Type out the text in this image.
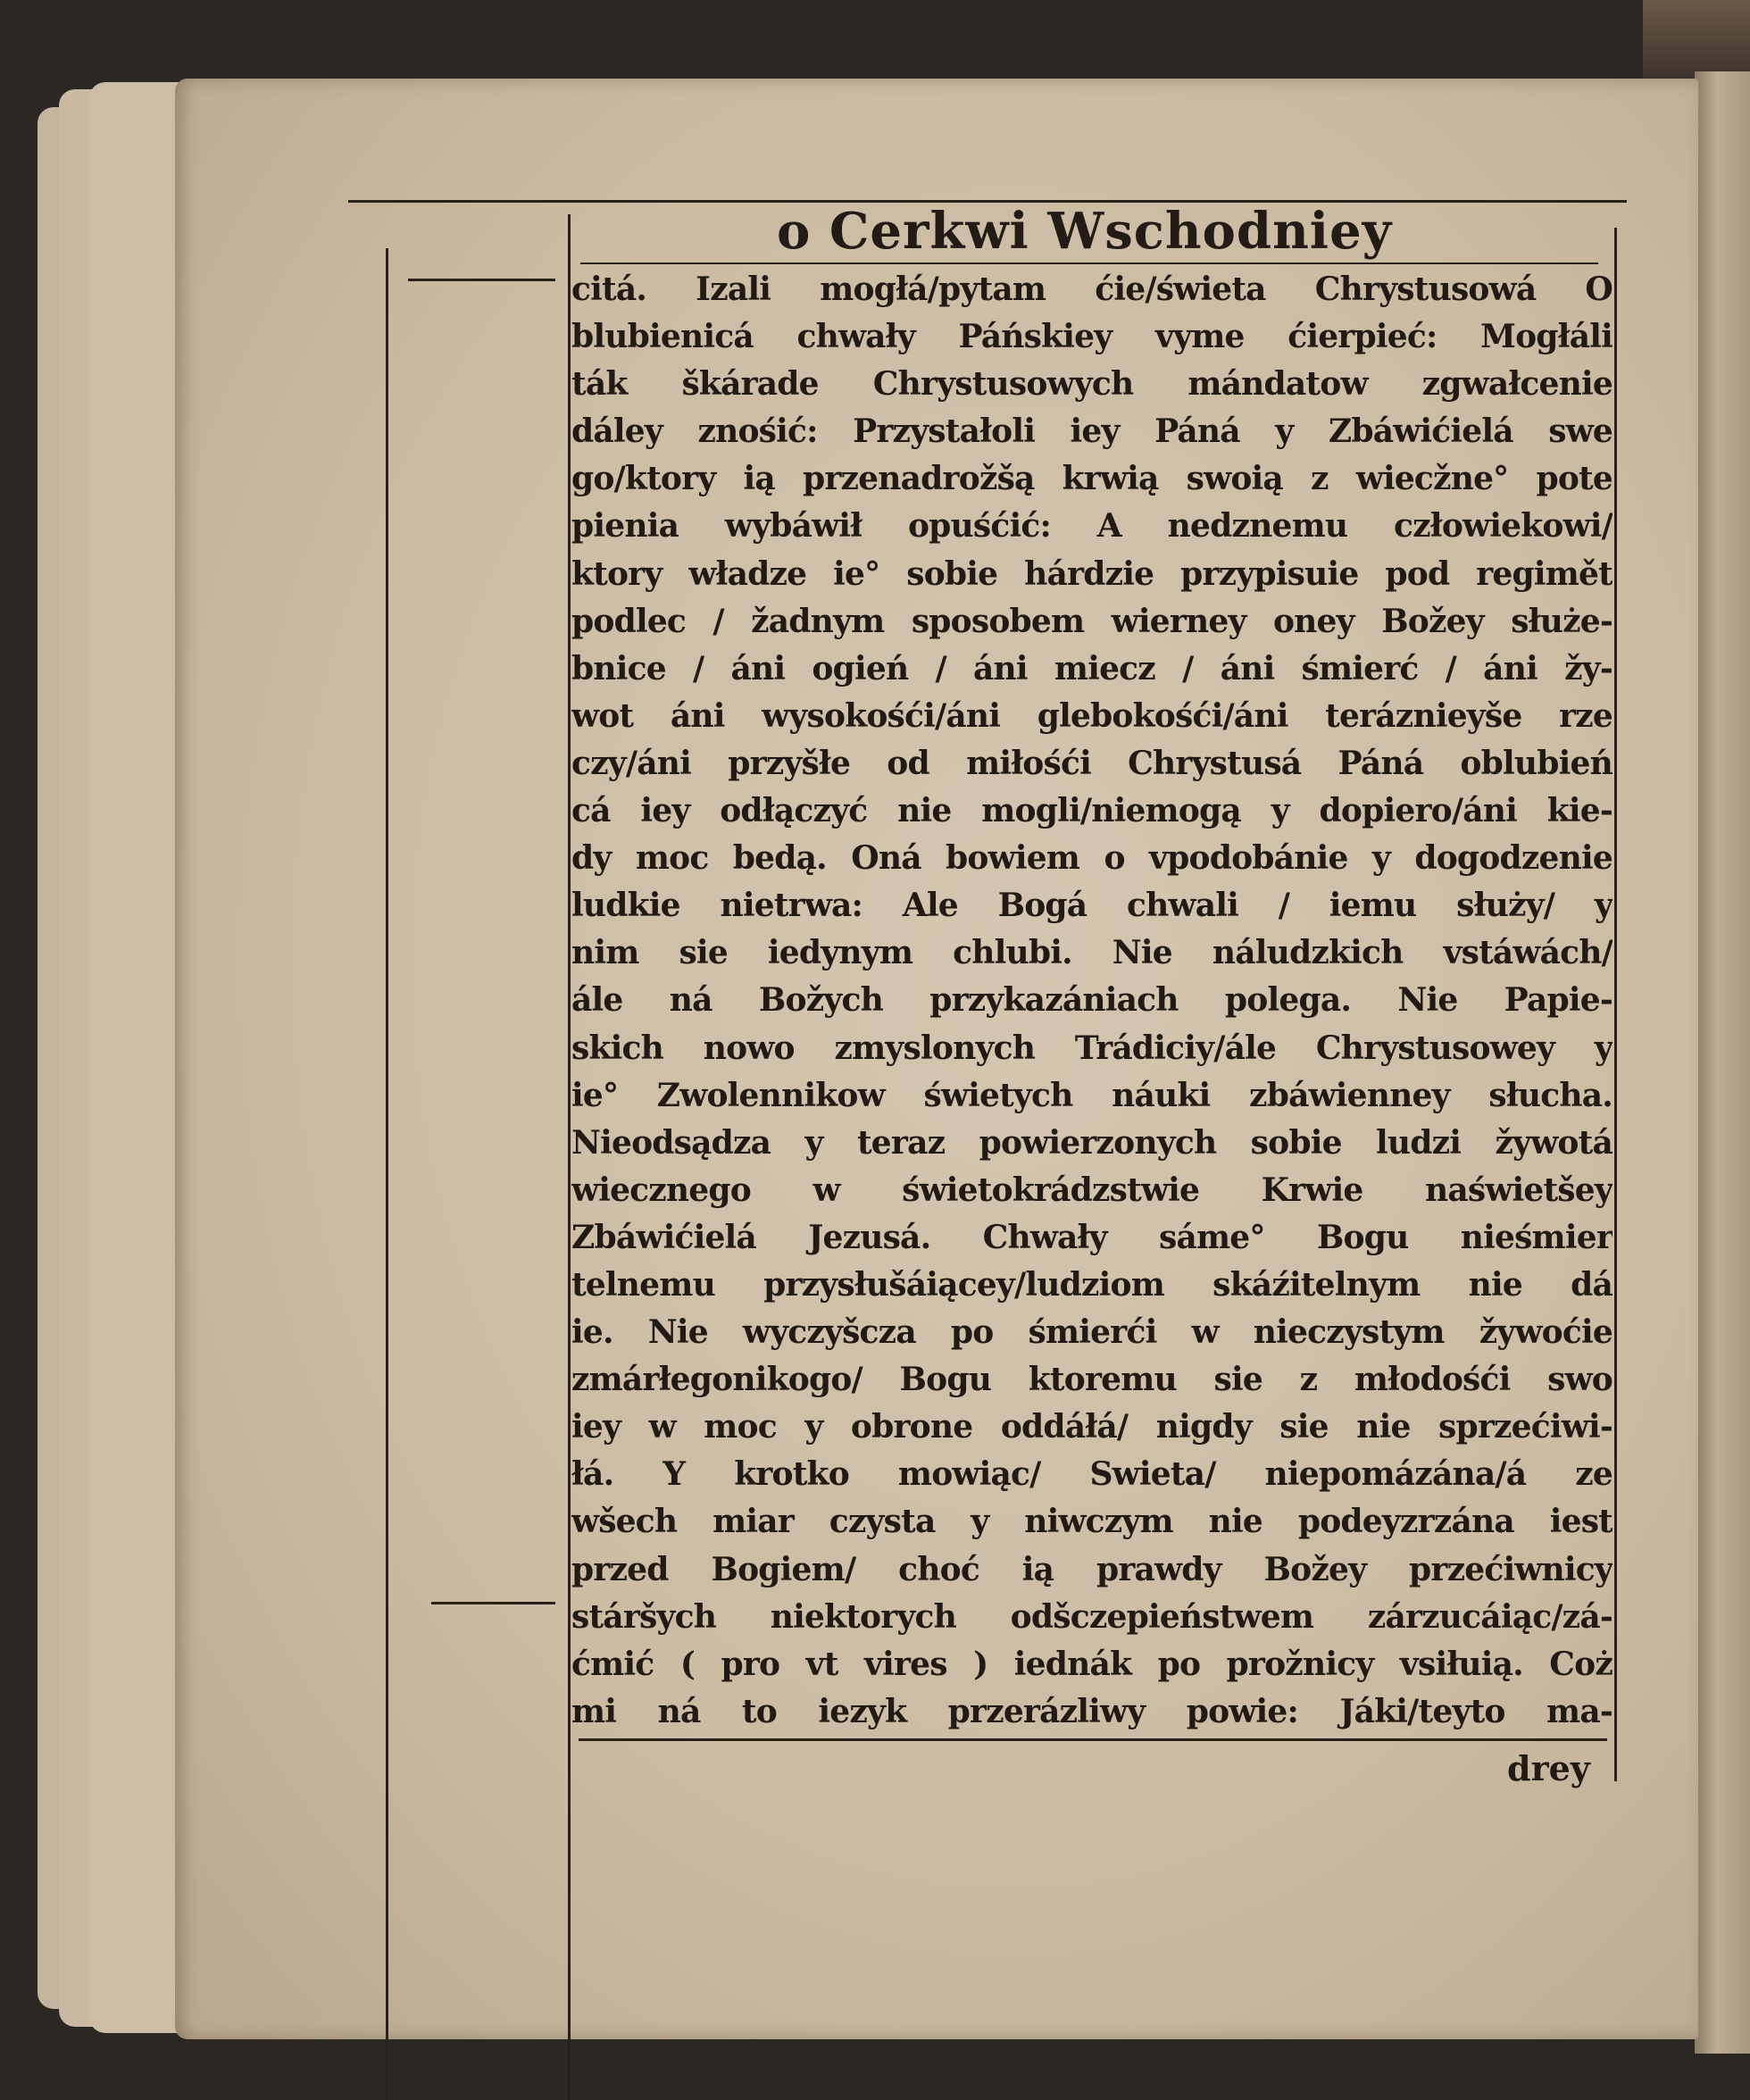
o Cerkwi Wschodniey
citá. Izali mogłá/pytam ćie/świeta Chrystusowá O
blubienicá chwały Páńskiey vyme ćierpieć: Mogłáli
ták škárade Chrystusowych mándatow zgwałcenie
dáley znośić: Przystałoli iey Páná y Zbáwićielá swe
go/ktory ią przenadrožšą krwią swoią z wiecžne° pote
pienia wybáwił opuśćić: A nedznemu człowiekowi/
ktory władze ie° sobie hárdzie przypisuie pod regimět
podlec / žadnym sposobem wierney oney Božey służe-
bnice / áni ogień / áni miecz / áni śmierć / áni žy-
wot áni wysokośći/áni glebokośći/áni teráznieyše rze
czy/áni przyšłe od miłośći Chrystusá Páná oblubień
cá iey odłączyć nie mogli/niemogą y dopiero/áni kie-
dy moc bedą. Oná bowiem o vpodobánie y dogodzenie
ludkie nietrwa: Ale Bogá chwali / iemu służy/ y
nim sie iedynym chlubi. Nie náludzkich vstáwách/
ále ná Božych przykazániach polega. Nie Papie-
skich nowo zmyslonych Trádiciy/ále Chrystusowey y
ie° Zwolennikow świetych náuki zbáwienney słucha.
Nieodsądza y teraz powierzonych sobie ludzi žywotá
wiecznego w świetokrádzstwie Krwie naświetšey
Zbáwićielá Jezusá. Chwały sáme° Bogu nieśmier
telnemu przysłušáiącey/ludziom skáźitelnym nie dá
ie. Nie wyczyšcza po śmierći w nieczystym žywoćie
zmárłegonikogo/ Bogu ktoremu sie z młodośći swo
iey w moc y obrone oddáłá/ nigdy sie nie sprzećiwi-
łá. Y krotko mowiąc/ Swieta/ niepomázána/á ze
wšech miar czysta y niwczym nie podeyzrzána iest
przed Bogiem/ choć ią prawdy Božey przećiwnicy
stáršych niektorych odšczepieństwem zárzucáiąc/zá-
ćmić ( pro vt vires ) iednák po prožnicy vsiłuią. Coż
mi ná to iezyk przerázliwy powie: Jáki/teyto ma-
drey
